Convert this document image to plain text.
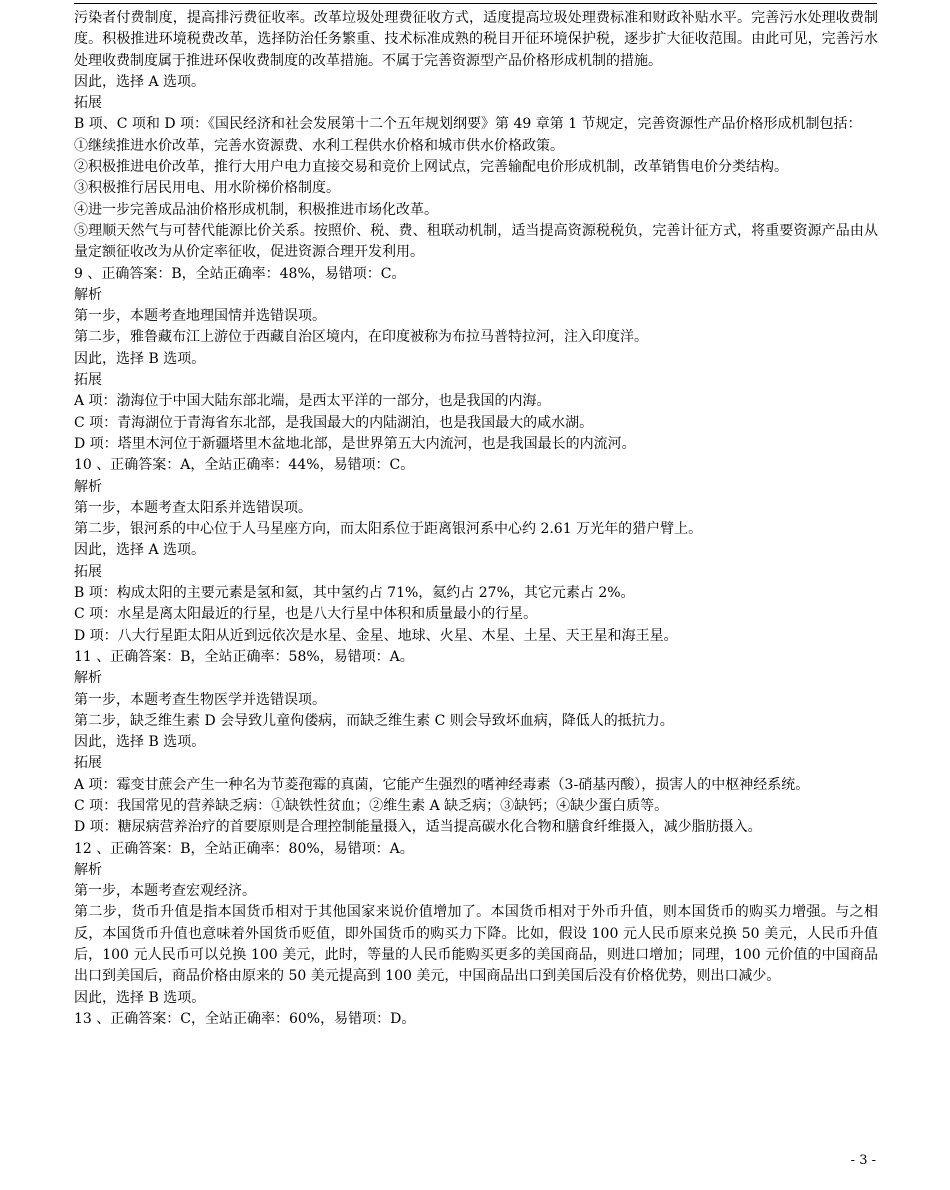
污染者付费制度，提高排污费征收率。改革垃圾处理费征收方式，适度提高垃圾处理费标准和财政补贴水平。完善污水处理收费制度。积极推进环境税费改革，选择防治任务繁重、技术标准成熟的税目开征环境保护税，逐步扩大征收范围。由此可见，完善污水处理收费制度属于推进环保收费制度的改革措施。不属于完善资源型产品价格形成机制的措施。

因此，选择 A 选项。

拓展

B 项、C 项和 D 项：《国民经济和社会发展第十二个五年规划纲要》第 49 章第 1 节规定，完善资源性产品价格形成机制包括：

①继续推进水价改革，完善水资源费、水利工程供水价格和城市供水价格政策。

②积极推进电价改革，推行大用户电力直接交易和竞价上网试点，完善输配电价形成机制，改革销售电价分类结构。

③积极推行居民用电、用水阶梯价格制度。

④进一步完善成品油价格形成机制，积极推进市场化改革。

⑤理顺天然气与可替代能源比价关系。按照价、税、费、租联动机制，适当提高资源税税负，完善计征方式，将重要资源产品由从量定额征收改为从价定率征收，促进资源合理开发利用。

9 、正确答案：B，全站正确率：48%，易错项：C。

解析

第一步，本题考查地理国情并选错误项。

第二步，雅鲁藏布江上游位于西藏自治区境内，在印度被称为布拉马普特拉河，注入印度洋。

因此，选择 B 选项。

拓展

A 项：渤海位于中国大陆东部北端，是西太平洋的一部分，也是我国的内海。

C 项：青海湖位于青海省东北部，是我国最大的内陆湖泊，也是我国最大的咸水湖。

D 项：塔里木河位于新疆塔里木盆地北部，是世界第五大内流河，也是我国最长的内流河。

10 、正确答案：A，全站正确率：44%，易错项：C。

解析

第一步，本题考查太阳系并选错误项。

第二步，银河系的中心位于人马星座方向，而太阳系位于距离银河系中心约 2.61 万光年的猎户臂上。

因此，选择 A 选项。

拓展

B 项：构成太阳的主要元素是氢和氦，其中氢约占 71%，氦约占 27%，其它元素占 2%。

C 项：水星是离太阳最近的行星，也是八大行星中体积和质量最小的行星。

D 项：八大行星距太阳从近到远依次是水星、金星、地球、火星、木星、土星、天王星和海王星。

11 、正确答案：B，全站正确率：58%，易错项：A。

解析

第一步，本题考查生物医学并选错误项。

第二步，缺乏维生素 D 会导致儿童佝偻病，而缺乏维生素 C 则会导致坏血病，降低人的抵抗力。

因此，选择 B 选项。

拓展

A 项：霉变甘蔗会产生一种名为节菱孢霉的真菌，它能产生强烈的嗜神经毒素（3-硝基丙酸），损害人的中枢神经系统。

C 项：我国常见的营养缺乏病：①缺铁性贫血；②维生素 A 缺乏病；③缺钙；④缺少蛋白质等。

D 项：糖尿病营养治疗的首要原则是合理控制能量摄入，适当提高碳水化合物和膳食纤维摄入，减少脂肪摄入。

12 、正确答案：B，全站正确率：80%，易错项：A。

解析

第一步，本题考查宏观经济。

第二步，货币升值是指本国货币相对于其他国家来说价值增加了。本国货币相对于外币升值，则本国货币的购买力增强。与之相反，本国货币升值也意味着外国货币贬值，即外国货币的购买力下降。比如，假设 100 元人民币原来兑换 50 美元，人民币升值后，100 元人民币可以兑换 100 美元，此时，等量的人民币能购买更多的美国商品，则进口增加；同理，100 元价值的中国商品出口到美国后，商品价格由原来的 50 美元提高到 100 美元，中国商品出口到美国后没有价格优势，则出口减少。

因此，选择 B 选项。

13 、正确答案：C，全站正确率：60%，易错项：D。

- 3 -
